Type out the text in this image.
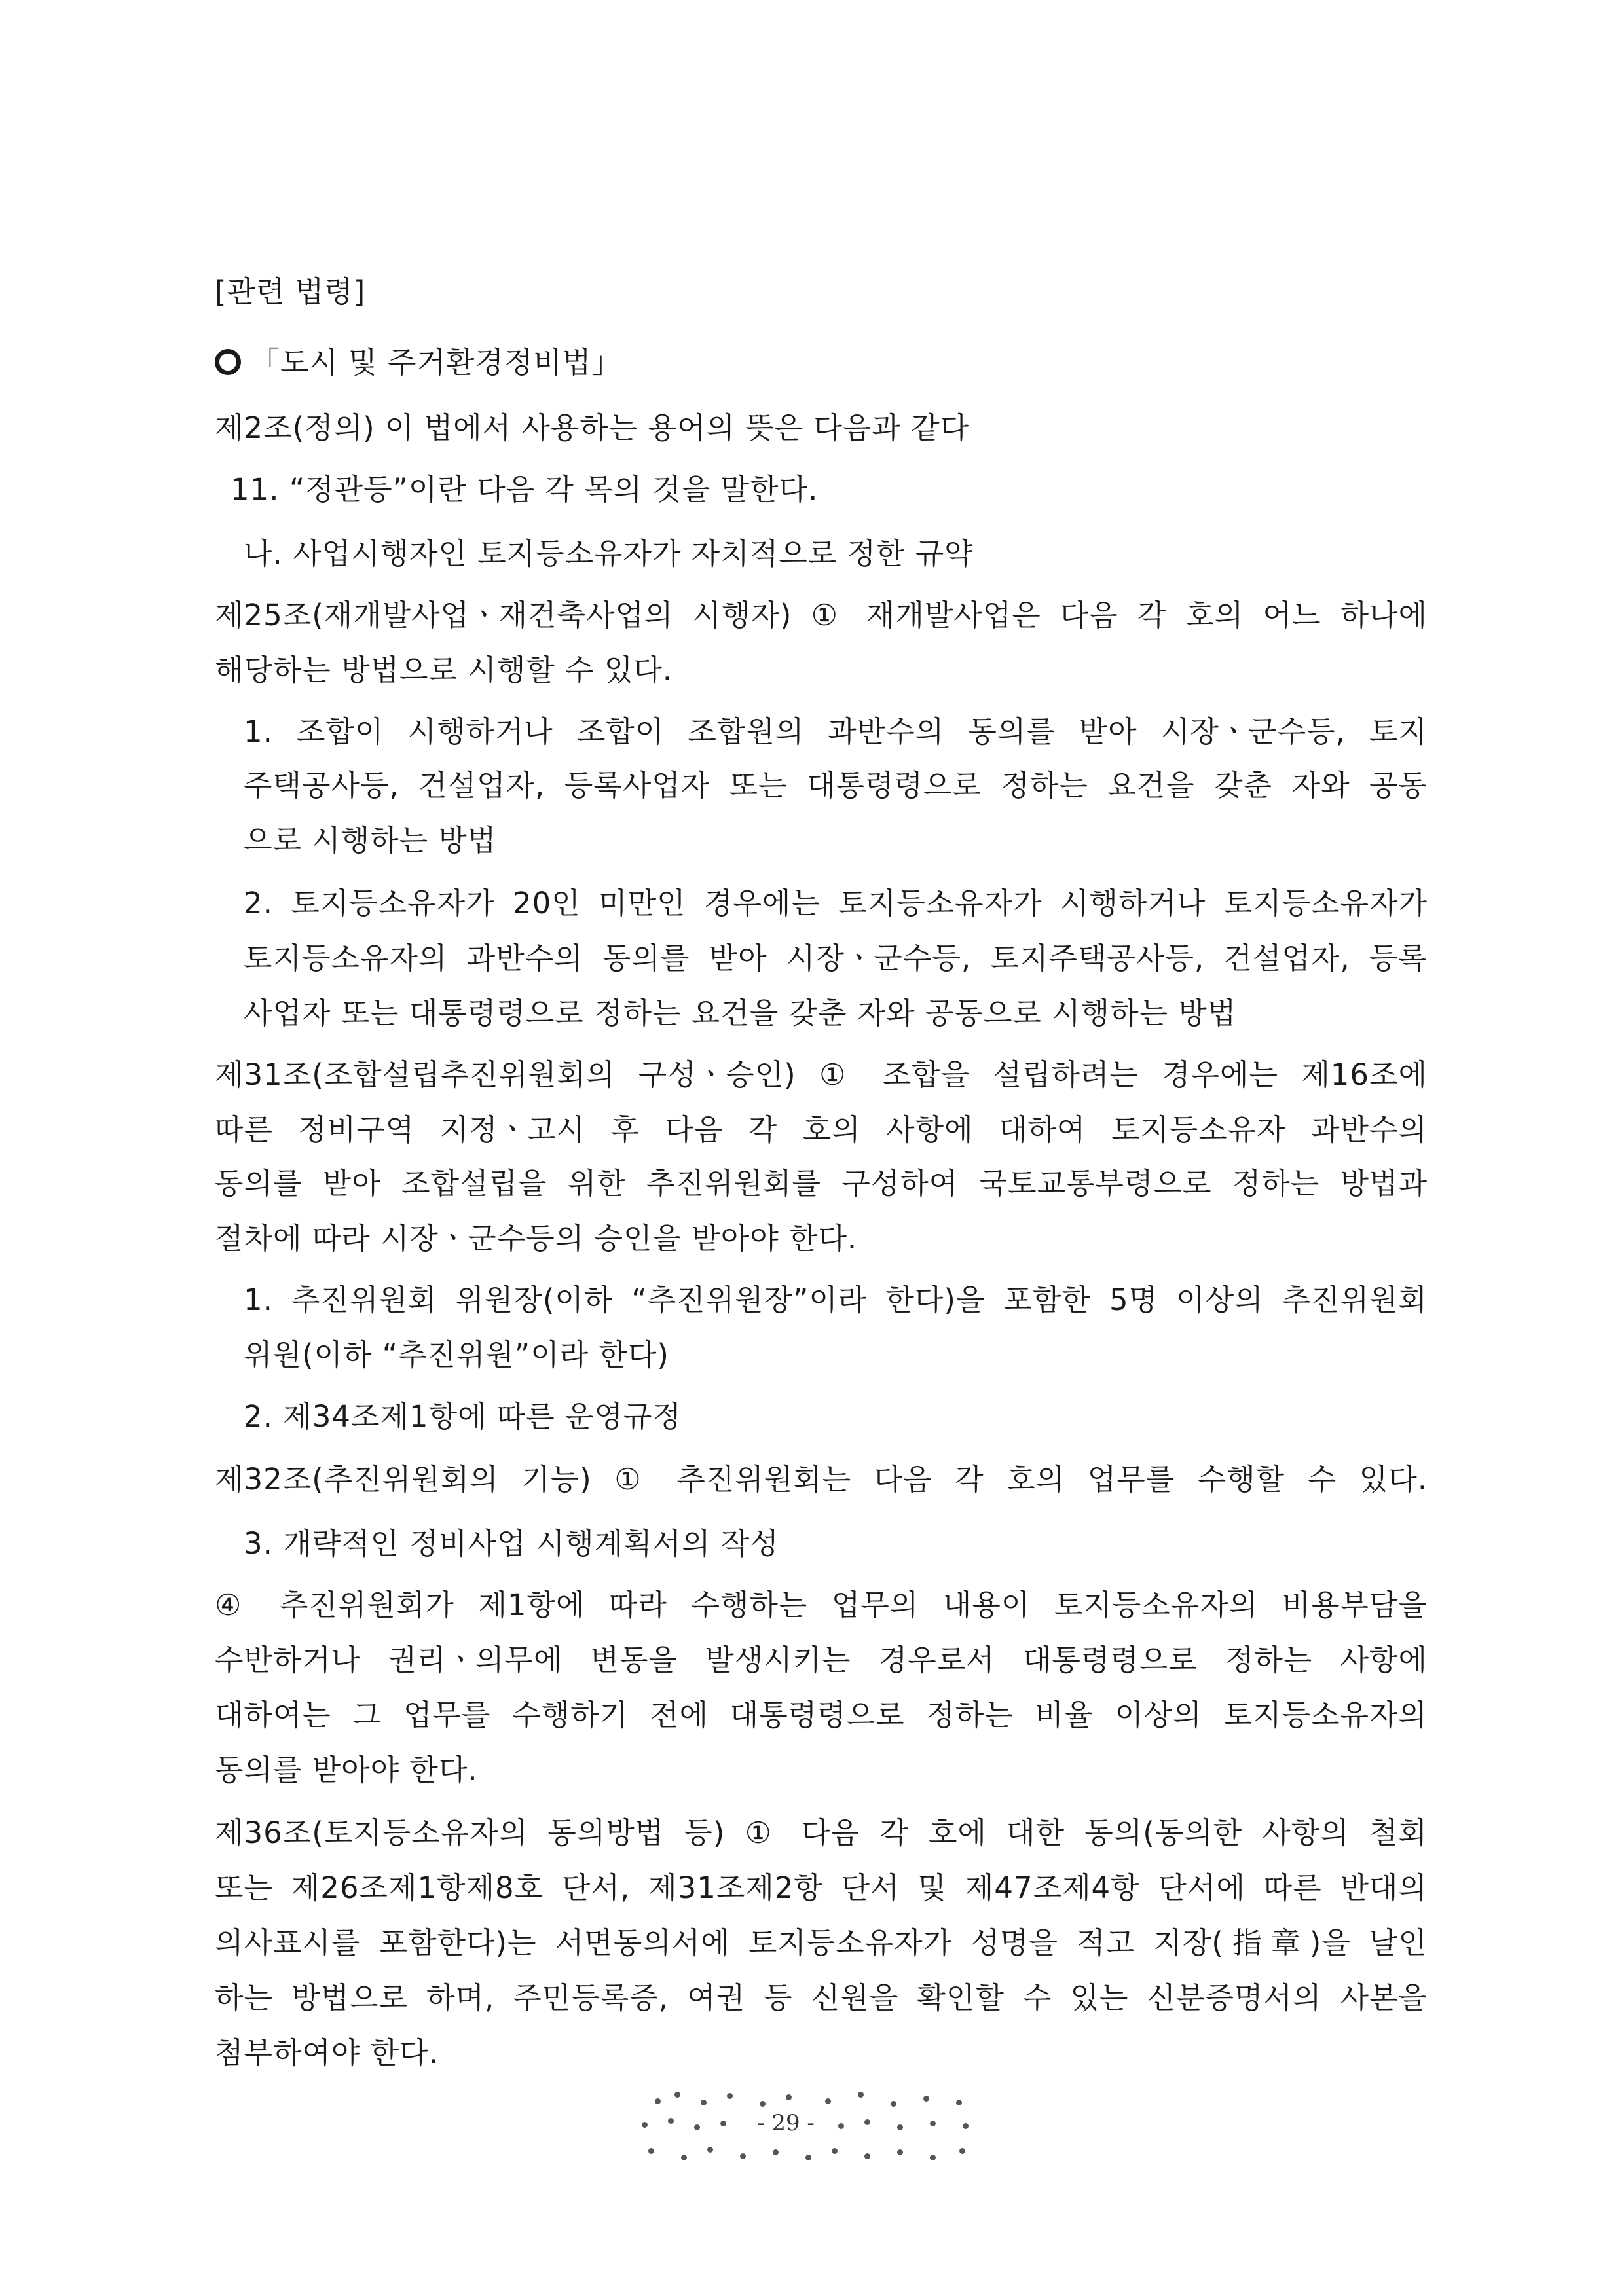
[관련 법령]
「도시 및 주거환경정비법」
제2조(정의) 이 법에서 사용하는 용어의 뜻은 다음과 같다
11. “정관등”이란 다음 각 목의 것을 말한다.
나. 사업시행자인 토지등소유자가 자치적으로 정한 규약
제25조(재개발사업ㆍ재건축사업의 시행자) ① 재개발사업은 다음 각 호의 어느 하나에
해당하는 방법으로 시행할 수 있다.
1. 조합이 시행하거나 조합이 조합원의 과반수의 동의를 받아 시장ㆍ군수등, 토지
주택공사등, 건설업자, 등록사업자 또는 대통령령으로 정하는 요건을 갖춘 자와 공동
으로 시행하는 방법
2. 토지등소유자가 20인 미만인 경우에는 토지등소유자가 시행하거나 토지등소유자가
토지등소유자의 과반수의 동의를 받아 시장ㆍ군수등, 토지주택공사등, 건설업자, 등록
사업자 또는 대통령령으로 정하는 요건을 갖춘 자와 공동으로 시행하는 방법
제31조(조합설립추진위원회의 구성ㆍ승인) ① 조합을 설립하려는 경우에는 제16조에
따른 정비구역 지정ㆍ고시 후 다음 각 호의 사항에 대하여 토지등소유자 과반수의
동의를 받아 조합설립을 위한 추진위원회를 구성하여 국토교통부령으로 정하는 방법과
절차에 따라 시장ㆍ군수등의 승인을 받아야 한다.
1. 추진위원회 위원장(이하 “추진위원장”이라 한다)을 포함한 5명 이상의 추진위원회
위원(이하 “추진위원”이라 한다)
2. 제34조제1항에 따른 운영규정
제32조(추진위원회의 기능) ① 추진위원회는 다음 각 호의 업무를 수행할 수 있다.
3. 개략적인 정비사업 시행계획서의 작성
④ 추진위원회가 제1항에 따라 수행하는 업무의 내용이 토지등소유자의 비용부담을
수반하거나 권리ㆍ의무에 변동을 발생시키는 경우로서 대통령령으로 정하는 사항에
대하여는 그 업무를 수행하기 전에 대통령령으로 정하는 비율 이상의 토지등소유자의
동의를 받아야 한다.
제36조(토지등소유자의 동의방법 등) ① 다음 각 호에 대한 동의(동의한 사항의 철회
또는 제26조제1항제8호 단서, 제31조제2항 단서 및 제47조제4항 단서에 따른 반대의
의사표시를 포함한다)는 서면동의서에 토지등소유자가 성명을 적고 지장(指章)을 날인
하는 방법으로 하며, 주민등록증, 여권 등 신원을 확인할 수 있는 신분증명서의 사본을
첨부하여야 한다.
- 29 -
